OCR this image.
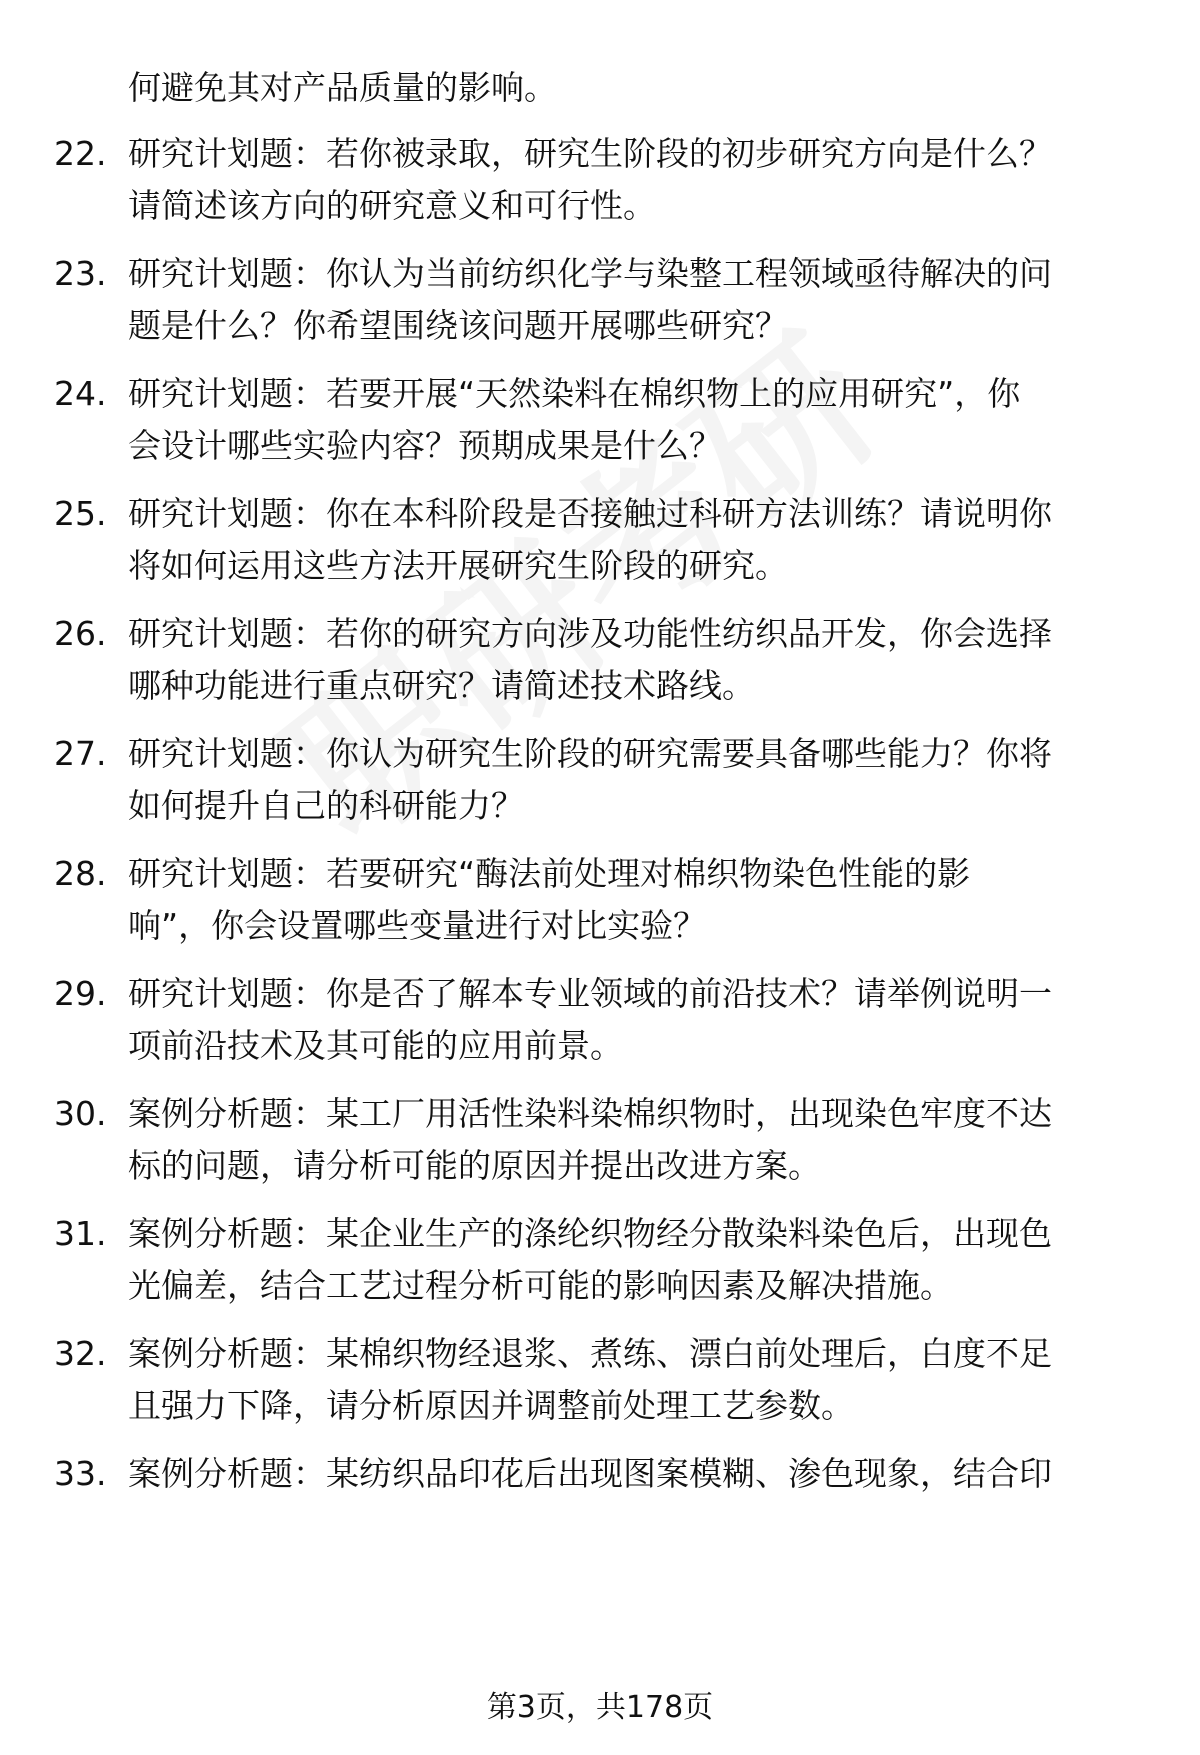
何避免其对产品质量的影响。
22. 研究计划题：若你被录取，研究生阶段的初步研究方向是什么？
请简述该方向的研究意义和可行性。
23. 研究计划题：你认为当前纺织化学与染整工程领域亟待解决的问
题是什么？你希望围绕该问题开展哪些研究？
24. 研究计划题：若要开展“天然染料在棉织物上的应用研究”，你
会设计哪些实验内容？预期成果是什么？
25. 研究计划题：你在本科阶段是否接触过科研方法训练？请说明你
将如何运用这些方法开展研究生阶段的研究。
26. 研究计划题：若你的研究方向涉及功能性纺织品开发，你会选择
哪种功能进行重点研究？请简述技术路线。
27. 研究计划题：你认为研究生阶段的研究需要具备哪些能力？你将
如何提升自己的科研能力？
28. 研究计划题：若要研究“酶法前处理对棉织物染色性能的影
响”，你会设置哪些变量进行对比实验？
29. 研究计划题：你是否了解本专业领域的前沿技术？请举例说明一
项前沿技术及其可能的应用前景。
30. 案例分析题：某工厂用活性染料染棉织物时，出现染色牢度不达
标的问题，请分析可能的原因并提出改进方案。
31. 案例分析题：某企业生产的涤纶织物经分散染料染色后，出现色
光偏差，结合工艺过程分析可能的影响因素及解决措施。
32. 案例分析题：某棉织物经退浆、煮练、漂白前处理后，白度不足
且强力下降，请分析原因并调整前处理工艺参数。
33. 案例分析题：某纺织品印花后出现图案模糊、渗色现象，结合印
第3页，共178页
